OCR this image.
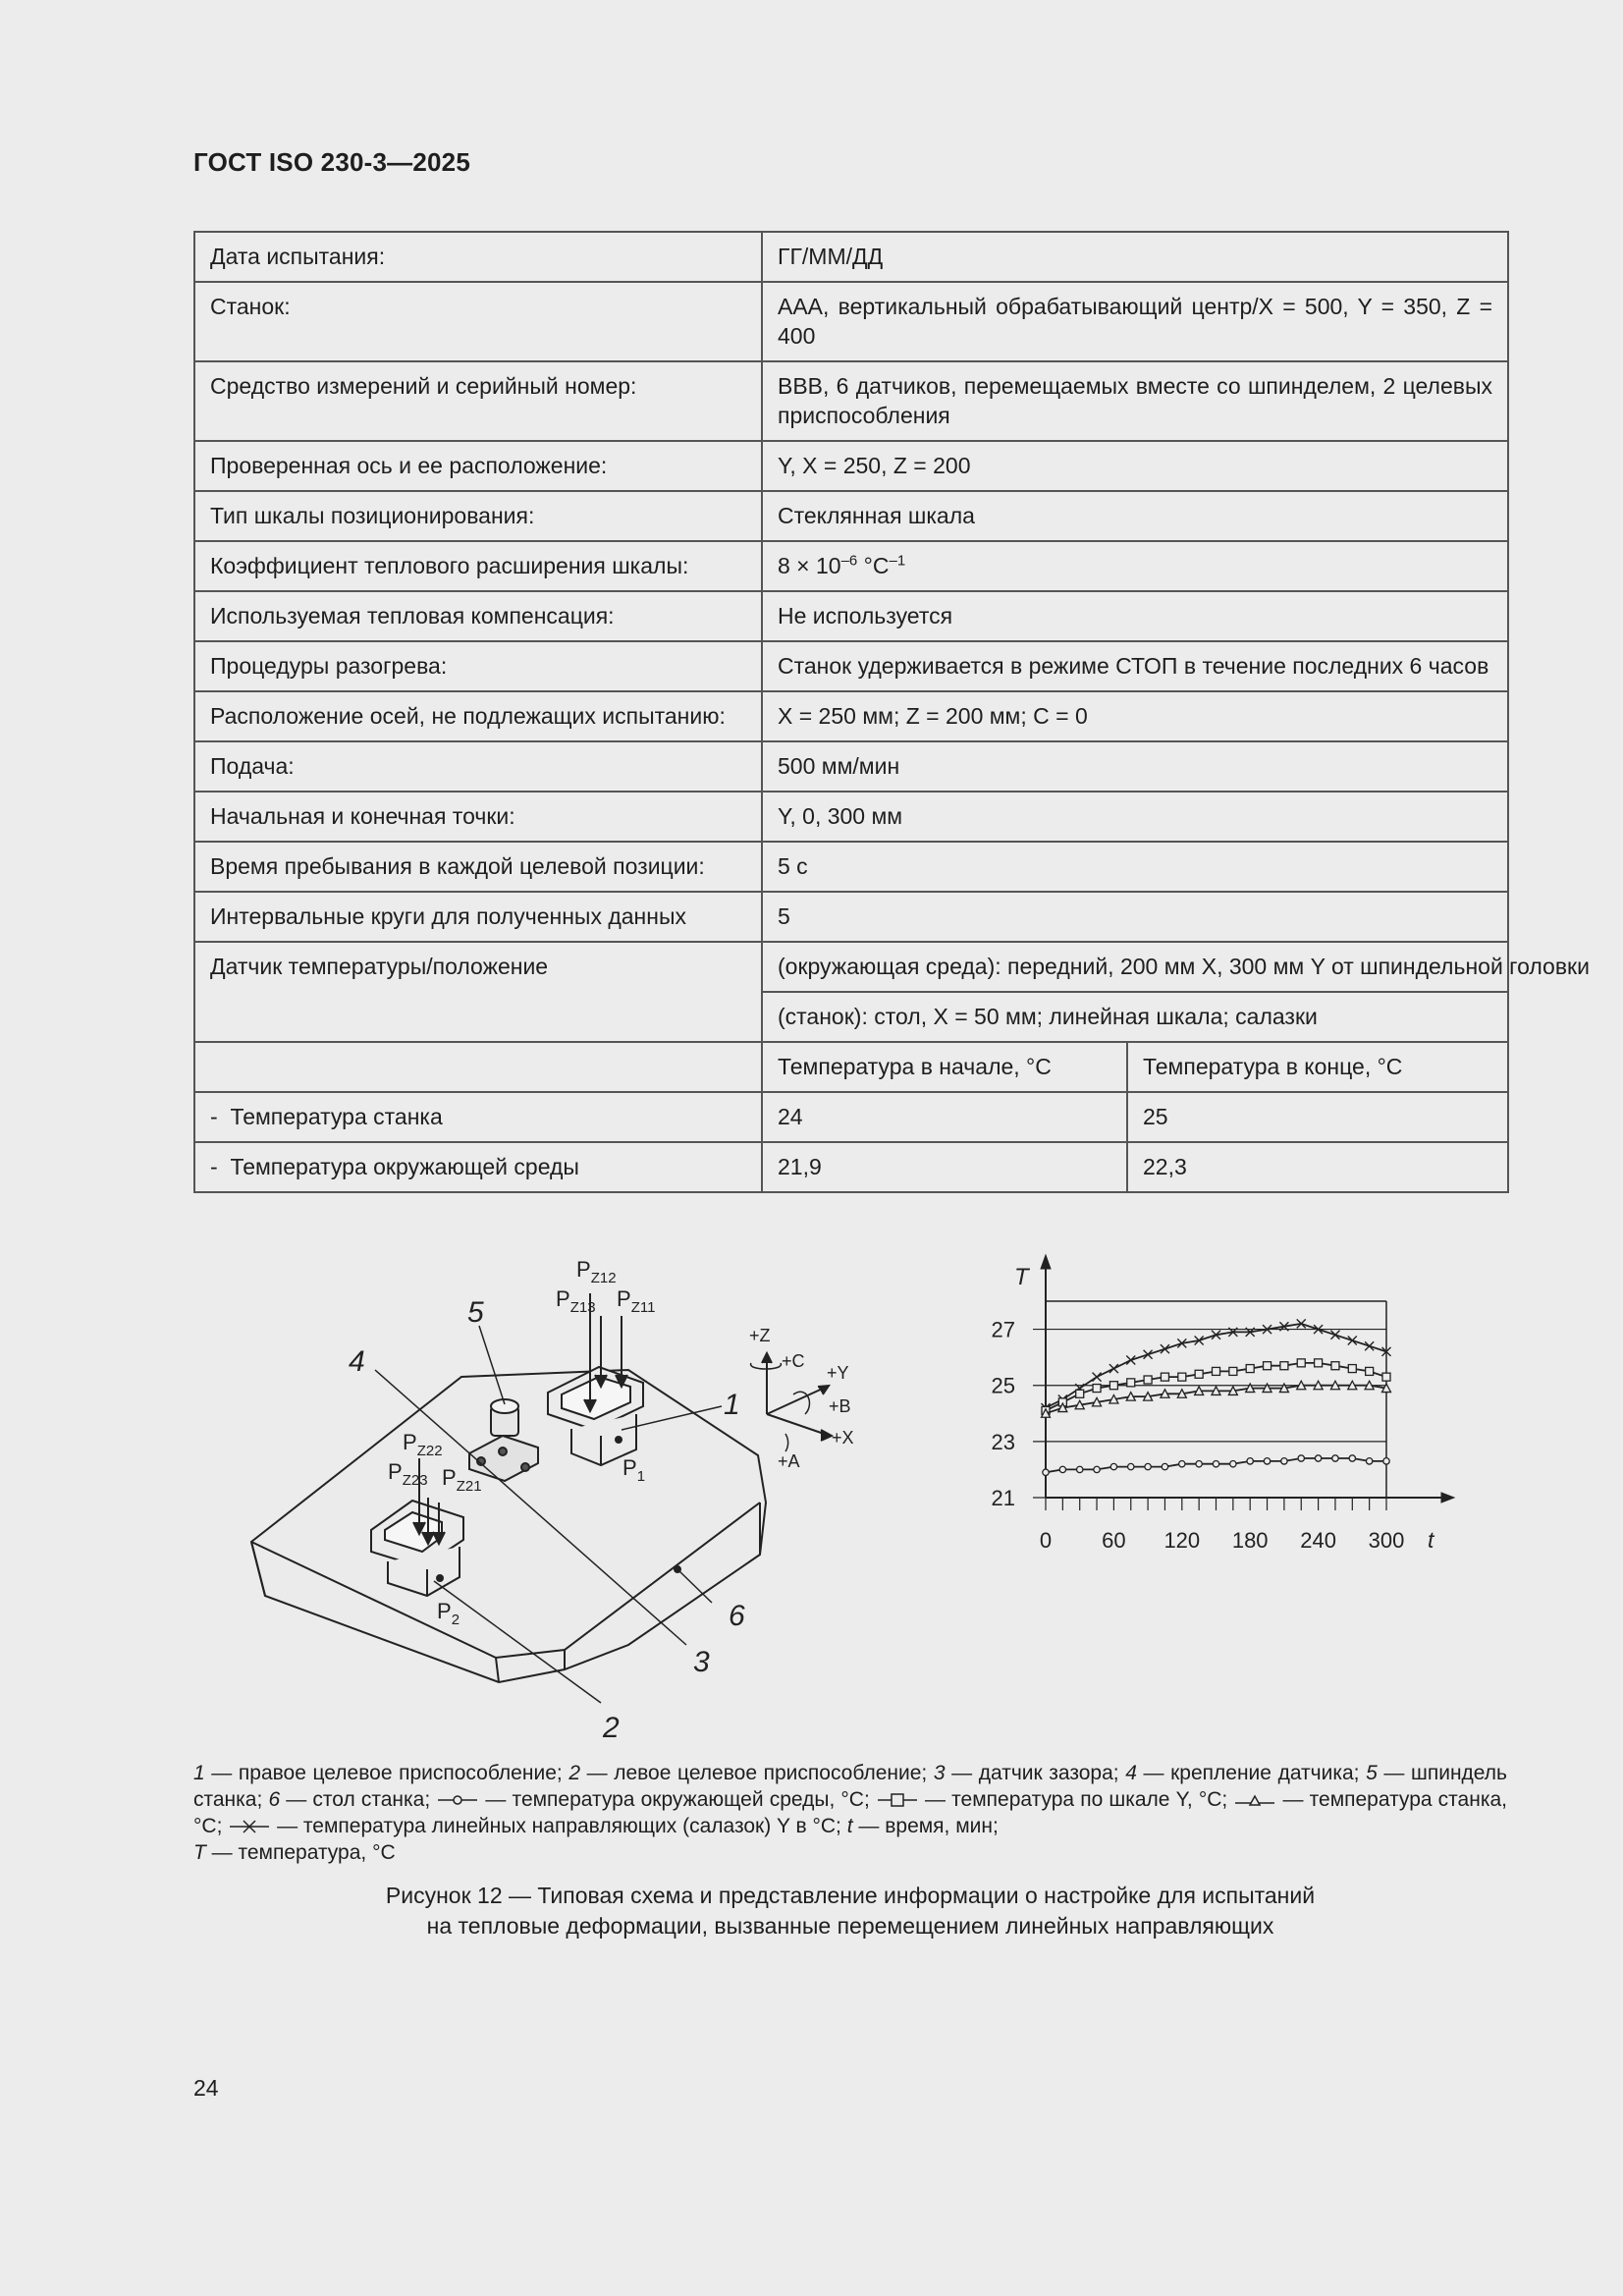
ГОСТ ISO 230-3—2025
Дата испытания:	ГГ/ММ/ДД	
Станок:	ААА, вертикальный обрабатывающий центр/X = 500, Y = 350, Z = 400	
Средство измерений и серийный номер:	BBB, 6 датчиков, перемещаемых вместе со шпинделем, 2 целевых приспособления	
Проверенная ось и ее расположение:	Y, X = 250, Z = 200	
Тип шкалы позиционирования:	Стеклянная шкала	
Коэффициент теплового расширения шкалы:	$8 \times 10^{-6}$ $^\circ C^{-1}$
Используемая тепловая компенсация:	Не используется	
Процедуры разогрева:	Станок удерживается в режиме СТОП в течение последних 6 часов	
Расположение осей, не подлежащих испытанию:	X = 250 мм; Z = 200 мм; C = 0	
Подача:	500 мм/мин	
Начальная и конечная точки:	Y, 0, 300 мм	
Время пребывания в каждой целевой позиции:	5 с	
Интервальные круги для полученных данных	5	
Датчик температуры/положение	(окружающая среда): передний, 200 мм X, 300 мм Y от шпиндельной головки	
	(станок): стол, X = 50 мм; линейная шкала; салазки	
	Температура в начале, °C	Температура в конце, °C
-  Температура станка	24	25
-  Температура окружающей среды	21,9	22,3
5
4
1
6
3
2
$P_{Z12}$
$P_{Z13}$ $P_{Z11}$
$P_{Z22}$
$P_{Z23}$ $P_{Z21}$
$P_1$
$P_2$
+Z
+C
+Y
+B
+X
+A
21
23
25
27
0 60 120 180 240 300 t
T
1 — правое целевое приспособление; 2 — левое целевое приспособление; 3 — датчик зазора; 4 — крепление датчика; 5 — шпиндель станка; 6 — стол станка;  — температура окружающей среды, °C;  — температура по шкале Y, °C;  — температура станка, °C;  — температура линейных направляющих (салазок) Y в °C; t — время, мин;
T — температура, °C
Рисунок 12 — Типовая схема и представление информации о настройке для испытаний
на тепловые деформации, вызванные перемещением линейных направляющих
24
